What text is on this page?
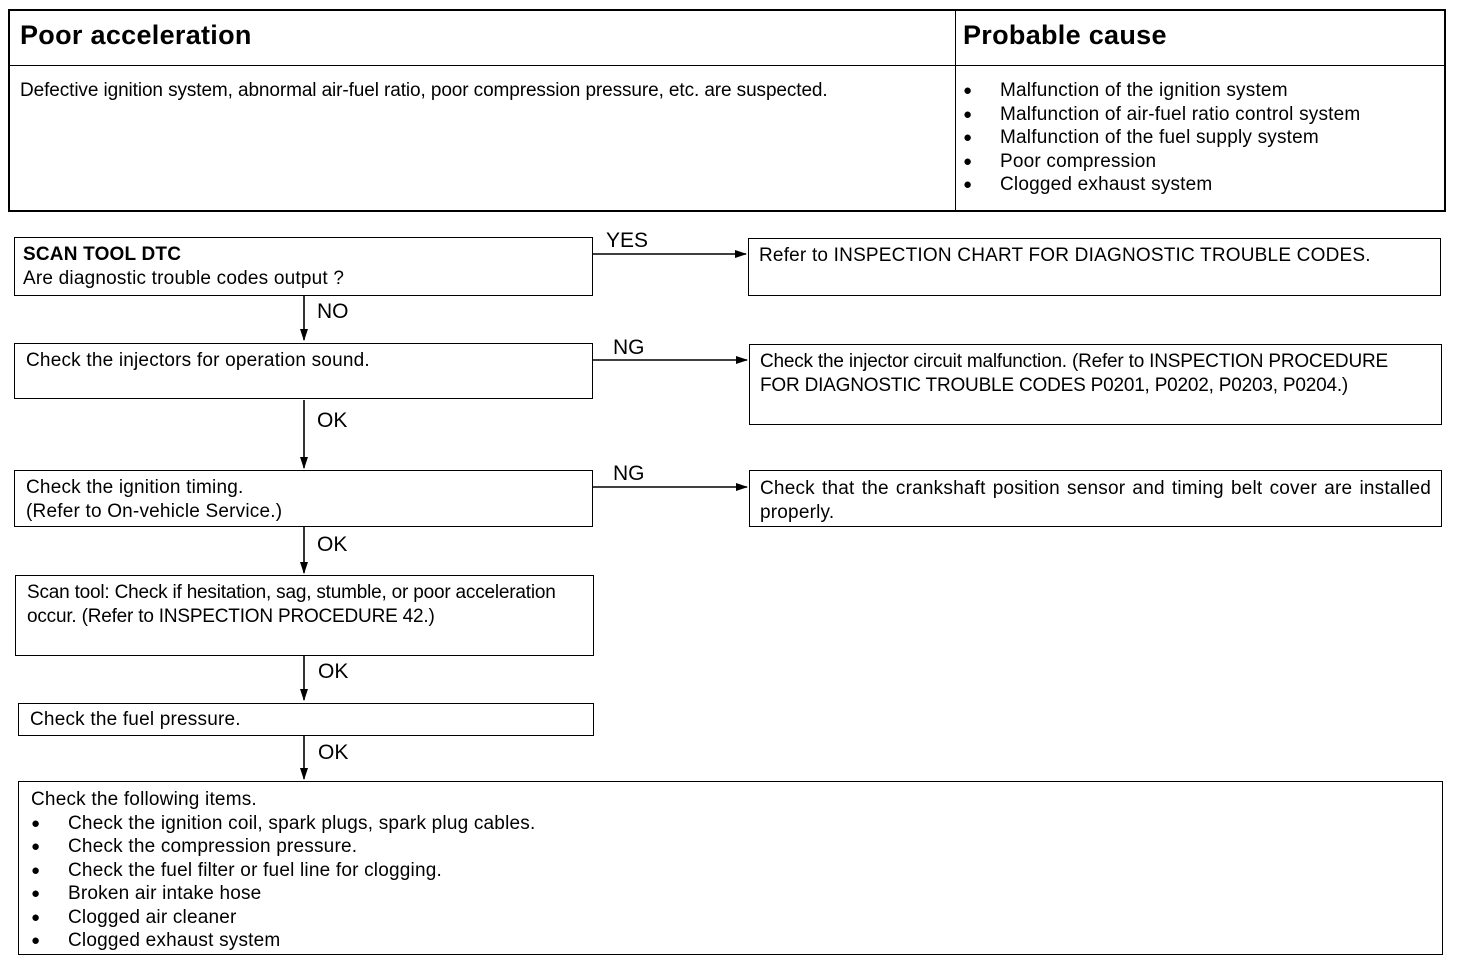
Poor acceleration	Probable cause
Defective ignition system, abnormal air-fuel ratio, poor compression pressure, etc. are suspected.
●	Malfunction of the ignition system
● Malfunction of air-fuel ratio control system
● Malfunction of the fuel supply system
● Poor compression
● Clogged exhaust system
YES
NO
NG
OK
NG
OK
OK
OK
SCAN TOOL DTC
Are diagnostic trouble codes output ?
Refer to INSPECTION CHART FOR DIAGNOSTIC TROUBLE CODES.
Check the injectors for operation sound.	Check the injector circuit malfunction. (Refer to INSPECTION PROCEDURE FOR DIAGNOSTIC TROUBLE CODES P0201, P0202, P0203, P0204.)
Check the ignition timing.
(Refer to On-vehicle Service.)
Check that the crankshaft position sensor and timing belt cover are installed properly.
Scan tool: Check if hesitation, sag, stumble, or poor acceleration occur. (Refer to INSPECTION PROCEDURE 42.)
Check the fuel pressure.
Check the following items.
● Check the ignition coil, spark plugs, spark plug cables.
● Check the compression pressure.
● Check the fuel filter or fuel line for clogging.
● Broken air intake hose
● Clogged air cleaner
● Clogged exhaust system
